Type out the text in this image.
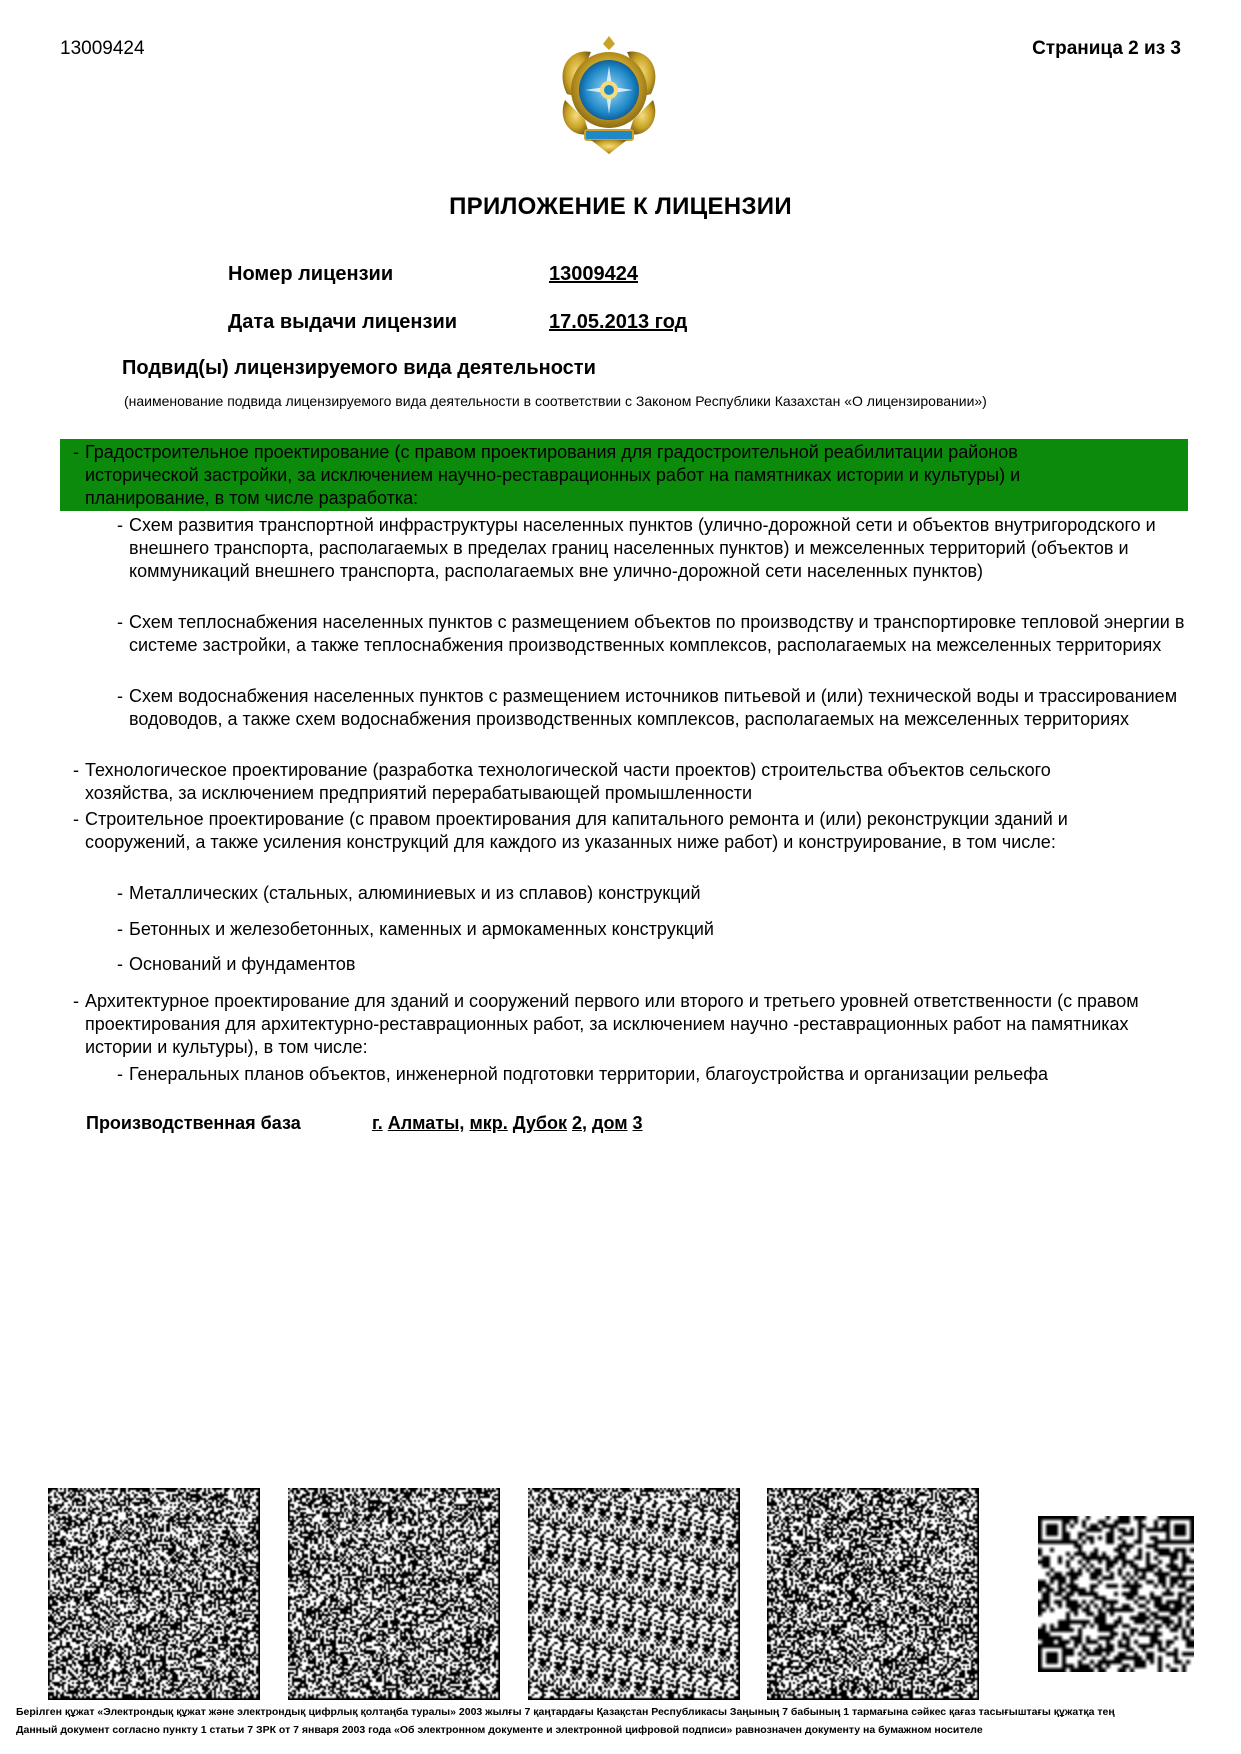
13009424	Страница 2 из 3
ПРИЛОЖЕНИЕ К ЛИЦЕНЗИИ
Номер лицензии	13009424
Дата выдачи лицензии	17.05.2013 год
Подвид(ы) лицензируемого вида деятельности
(наименование подвида лицензируемого вида деятельности в соответствии с Законом Республики Казахстан «О лицензировании»)
- Градостроительное проектирование (с правом проектирования для градостроительной реабилитации районов исторической застройки, за исключением научно-реставрационных работ на памятниках истории и культуры) и планирование, в том числе разработка:
- Схем развития транспортной инфраструктуры населенных пунктов (улично-дорожной сети и объектов внутригородского и внешнего транспорта, располагаемых в пределах границ населенных пунктов) и межселенных территорий (объектов и коммуникаций внешнего транспорта, располагаемых вне улично-дорожной сети населенных пунктов)
- Схем теплоснабжения населенных пунктов с размещением объектов по производству и транспортировке тепловой энергии в системе застройки, а также теплоснабжения производственных комплексов, располагаемых на межселенных территориях
- Схем водоснабжения населенных пунктов с размещением источников питьевой и (или) технической воды и трассированием водоводов, а также схем водоснабжения производственных комплексов, располагаемых на межселенных территориях
- Технологическое проектирование (разработка технологической части проектов) строительства объектов сельского хозяйства, за исключением предприятий перерабатывающей промышленности
- Строительное проектирование (с правом проектирования для капитального ремонта и (или) реконструкции зданий и сооружений, а также усиления конструкций для каждого из указанных ниже работ) и конструирование, в том числе:
- Металлических (стальных, алюминиевых и из сплавов) конструкций
- Бетонных и железобетонных, каменных и армокаменных конструкций
- Оснований и фундаментов
- Архитектурное проектирование для зданий и сооружений первого или второго и третьего уровней ответственности (с правом проектирования для архитектурно-реставрационных работ, за исключением научно -реставрационных работ на памятниках истории и культуры), в том числе:
- Генеральных планов объектов, инженерной подготовки территории, благоустройства и организации рельефа
Производственная база	г. Алматы, мкр. Дубок 2, дом 3
Берілген құжат «Электрондық құжат және электрондық цифрлық қолтаңба туралы» 2003 жылғы 7 қаңтардағы Қазақстан Республикасы Заңының 7 бабының 1 тармағына сәйкес қағаз тасығыштағы құжатқа тең
Данный документ согласно пункту 1 статьи 7 ЗРК от 7 января 2003 года «Об электронном документе и электронной цифровой подписи» равнозначен документу на бумажном носителе
